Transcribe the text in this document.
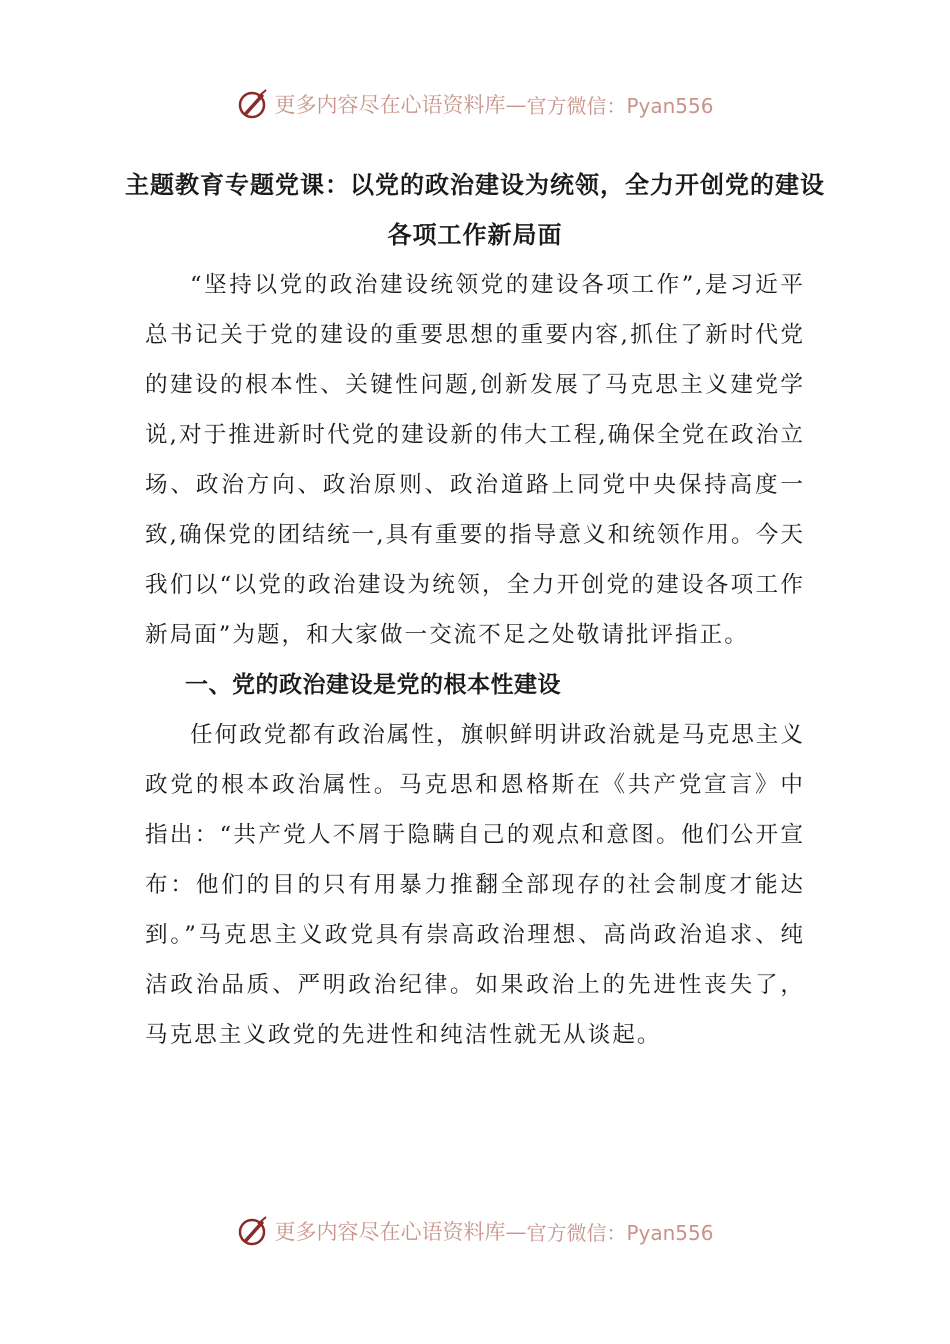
更多内容尽在心语资料库— 官方微信：Pyan556
主题教育专题党课：以党的政治建设为统领，全力开创党的建设各项工作新局面

“坚持以党的政治建设统领党的建设各项工作”,是习近平总书记关于党的建设的重要思想的重要内容,抓住了新时代党的建设的根本性、关键性问题,创新发展了马克思主义建党学说,对于推进新时代党的建设新的伟大工程,确保全党在政治立场、政治方向、政治原则、政治道路上同党中央保持高度一致,确保党的团结统一,具有重要的指导意义和统领作用。今天我们以“以党的政治建设为统领，全力开创党的建设各项工作新局面”为题，和大家做一交流不足之处敬请批评指正。

一、党的政治建设是党的根本性建设

任何政党都有政治属性，旗帜鲜明讲政治就是马克思主义政党的根本政治属性。马克思和恩格斯在《共产党宣言》中指出：“共产党人不屑于隐瞒自己的观点和意图。他们公开宣布：他们的目的只有用暴力推翻全部现存的社会制度才能达到。”马克思主义政党具有崇高政治理想、高尚政治追求、纯洁政治品质、严明政治纪律。如果政治上的先进性丧失了，马克思主义政党的先进性和纯洁性就无从谈起。

更多内容尽在心语资料库— 官方微信：Pyan556
